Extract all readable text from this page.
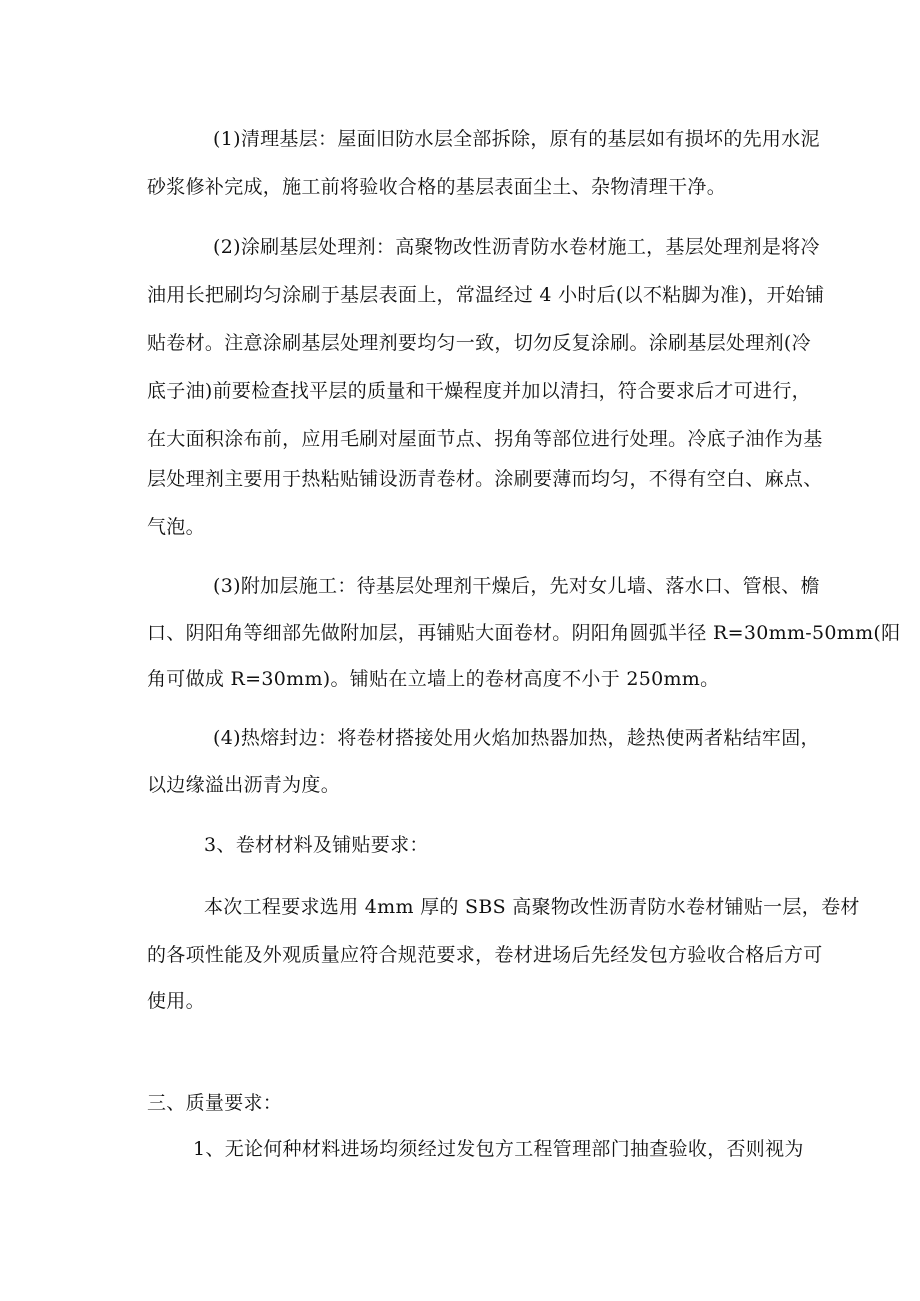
(1)清理基层：屋面旧防水层全部拆除，原有的基层如有损坏的先用水泥
砂浆修补完成，施工前将验收合格的基层表面尘土、杂物清理干净。
(2)涂刷基层处理剂：高聚物改性沥青防水卷材施工，基层处理剂是将冷
油用长把刷均匀涂刷于基层表面上，常温经过 4 小时后(以不粘脚为准)，开始铺
贴卷材。注意涂刷基层处理剂要均匀一致，切勿反复涂刷。涂刷基层处理剂(冷
底子油)前要检查找平层的质量和干燥程度并加以清扫，符合要求后才可进行，
在大面积涂布前，应用毛刷对屋面节点、拐角等部位进行处理。冷底子油作为基
层处理剂主要用于热粘贴铺设沥青卷材。涂刷要薄而均匀，不得有空白、麻点、
气泡。
(3)附加层施工：待基层处理剂干燥后，先对女儿墙、落水口、管根、檐
口、阴阳角等细部先做附加层，再铺贴大面卷材。阴阳角圆弧半径 R=30mm-50mm(阳
角可做成 R=30mm)。铺贴在立墙上的卷材高度不小于 250mm。
(4)热熔封边：将卷材搭接处用火焰加热器加热，趁热使两者粘结牢固，
以边缘溢出沥青为度。
3、卷材材料及铺贴要求：
本次工程要求选用 4mm 厚的 SBS 高聚物改性沥青防水卷材铺贴一层，卷材
的各项性能及外观质量应符合规范要求，卷材进场后先经发包方验收合格后方可
使用。
三、质量要求：
1、无论何种材料进场均须经过发包方工程管理部门抽查验收，否则视为
